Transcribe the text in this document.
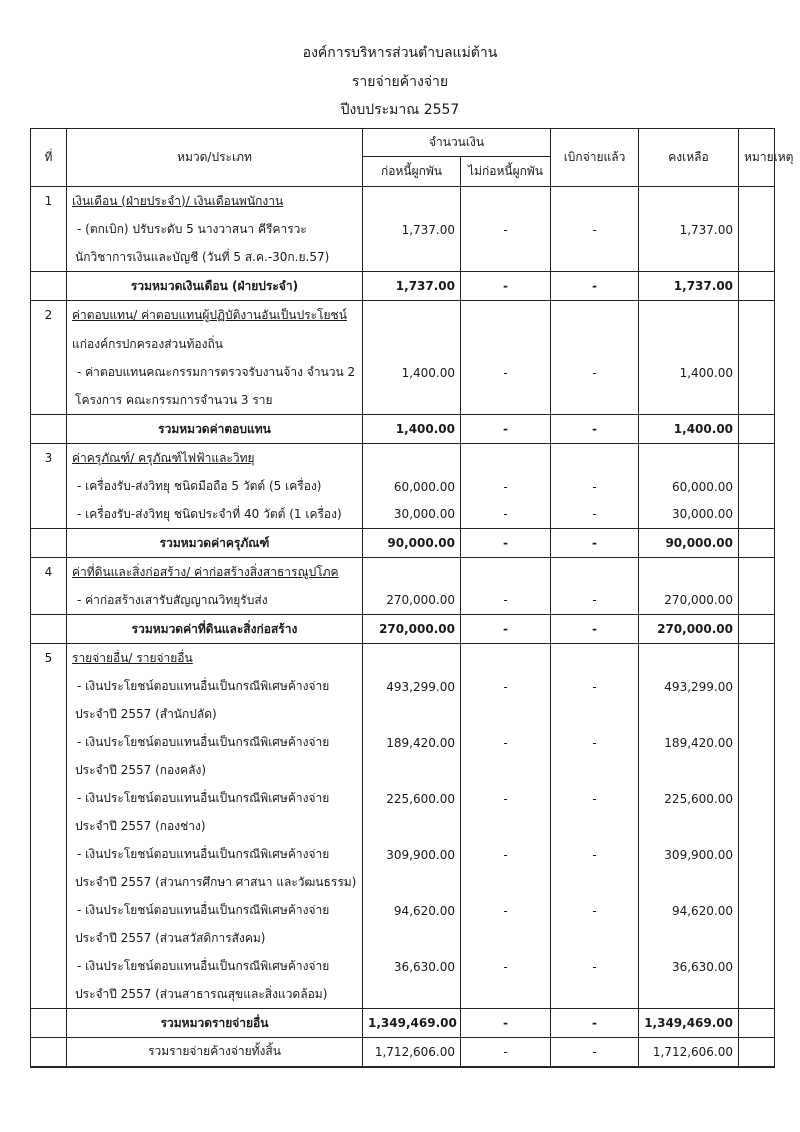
องค์การบริหารส่วนตำบลแม่ต้าน
รายจ่ายค้างจ่าย
ปีงบประมาณ 2557
ที่	หมวด/ประเภท	จำนวนเงิน		เบิกจ่ายแล้ว	คงเหลือ	หมายเหตุ
		ก่อหนี้ผูกพัน	ไม่ก่อหนี้ผูกพัน			
1	เงินเดือน (ฝ่ายประจำ)/ เงินเดือนพนักงาน					
	- (ตกเบิก) ปรับระดับ 5 นางวาสนา คีรีคารวะ	1,737.00	-	-	1,737.00	
	นักวิชาการเงินและบัญชี (วันที่ 5 ส.ค.-30ก.ย.57)					
	รวมหมวดเงินเดือน (ฝ่ายประจำ)	1,737.00	-	-	1,737.00	
2	ค่าตอบแทน/ ค่าตอบแทนผู้ปฏิบัติงานอันเป็นประโยชน์					
	แก่องค์กรปกครองส่วนท้องถิ่น					
	- ค่าตอบแทนคณะกรรมการตรวจรับงานจ้าง จำนวน 2	1,400.00	-	-	1,400.00	
	โครงการ คณะกรรมการจำนวน 3 ราย					
	รวมหมวดค่าตอบแทน	1,400.00	-	-	1,400.00	
3	ค่าครุภัณฑ์/ ครุภัณฑ์ไฟฟ้าและวิทยุ					
	- เครื่องรับ-ส่งวิทยุ ชนิดมือถือ 5 วัตต์ (5 เครื่อง)	60,000.00	-	-	60,000.00	
	- เครื่องรับ-ส่งวิทยุ ชนิดประจำที่ 40 วัตต์ (1 เครื่อง)	30,000.00	-	-	30,000.00	
	รวมหมวดค่าครุภัณฑ์	90,000.00	-	-	90,000.00	
4	ค่าที่ดินและสิ่งก่อสร้าง/ ค่าก่อสร้างสิ่งสาธารณูปโภค					
	- ค่าก่อสร้างเสารับสัญญาณวิทยุรับส่ง	270,000.00	-	-	270,000.00	
	รวมหมวดค่าที่ดินและสิ่งก่อสร้าง	270,000.00	-	-	270,000.00	
5	รายจ่ายอื่น/ รายจ่ายอื่น					
	- เงินประโยชน์ตอบแทนอื่นเป็นกรณีพิเศษค้างจ่าย	493,299.00	-	-	493,299.00	
	ประจำปี 2557 (สำนักปลัด)					
	- เงินประโยชน์ตอบแทนอื่นเป็นกรณีพิเศษค้างจ่าย	189,420.00	-	-	189,420.00	
	ประจำปี 2557 (กองคลัง)					
	- เงินประโยชน์ตอบแทนอื่นเป็นกรณีพิเศษค้างจ่าย	225,600.00	-	-	225,600.00	
	ประจำปี 2557 (กองช่าง)					
	- เงินประโยชน์ตอบแทนอื่นเป็นกรณีพิเศษค้างจ่าย	309,900.00	-	-	309,900.00	
	ประจำปี 2557 (ส่วนการศึกษา ศาสนา และวัฒนธรรม)					
	- เงินประโยชน์ตอบแทนอื่นเป็นกรณีพิเศษค้างจ่าย	94,620.00	-	-	94,620.00	
	ประจำปี 2557 (ส่วนสวัสดิการสังคม)					
	- เงินประโยชน์ตอบแทนอื่นเป็นกรณีพิเศษค้างจ่าย	36,630.00	-	-	36,630.00	
	ประจำปี 2557 (ส่วนสาธารณสุขและสิ่งแวดล้อม)					
	รวมหมวดรายจ่ายอื่น	1,349,469.00	-	-	1,349,469.00	
	รวมรายจ่ายค้างจ่ายทั้งสิ้น	1,712,606.00	-	-	1,712,606.00	
